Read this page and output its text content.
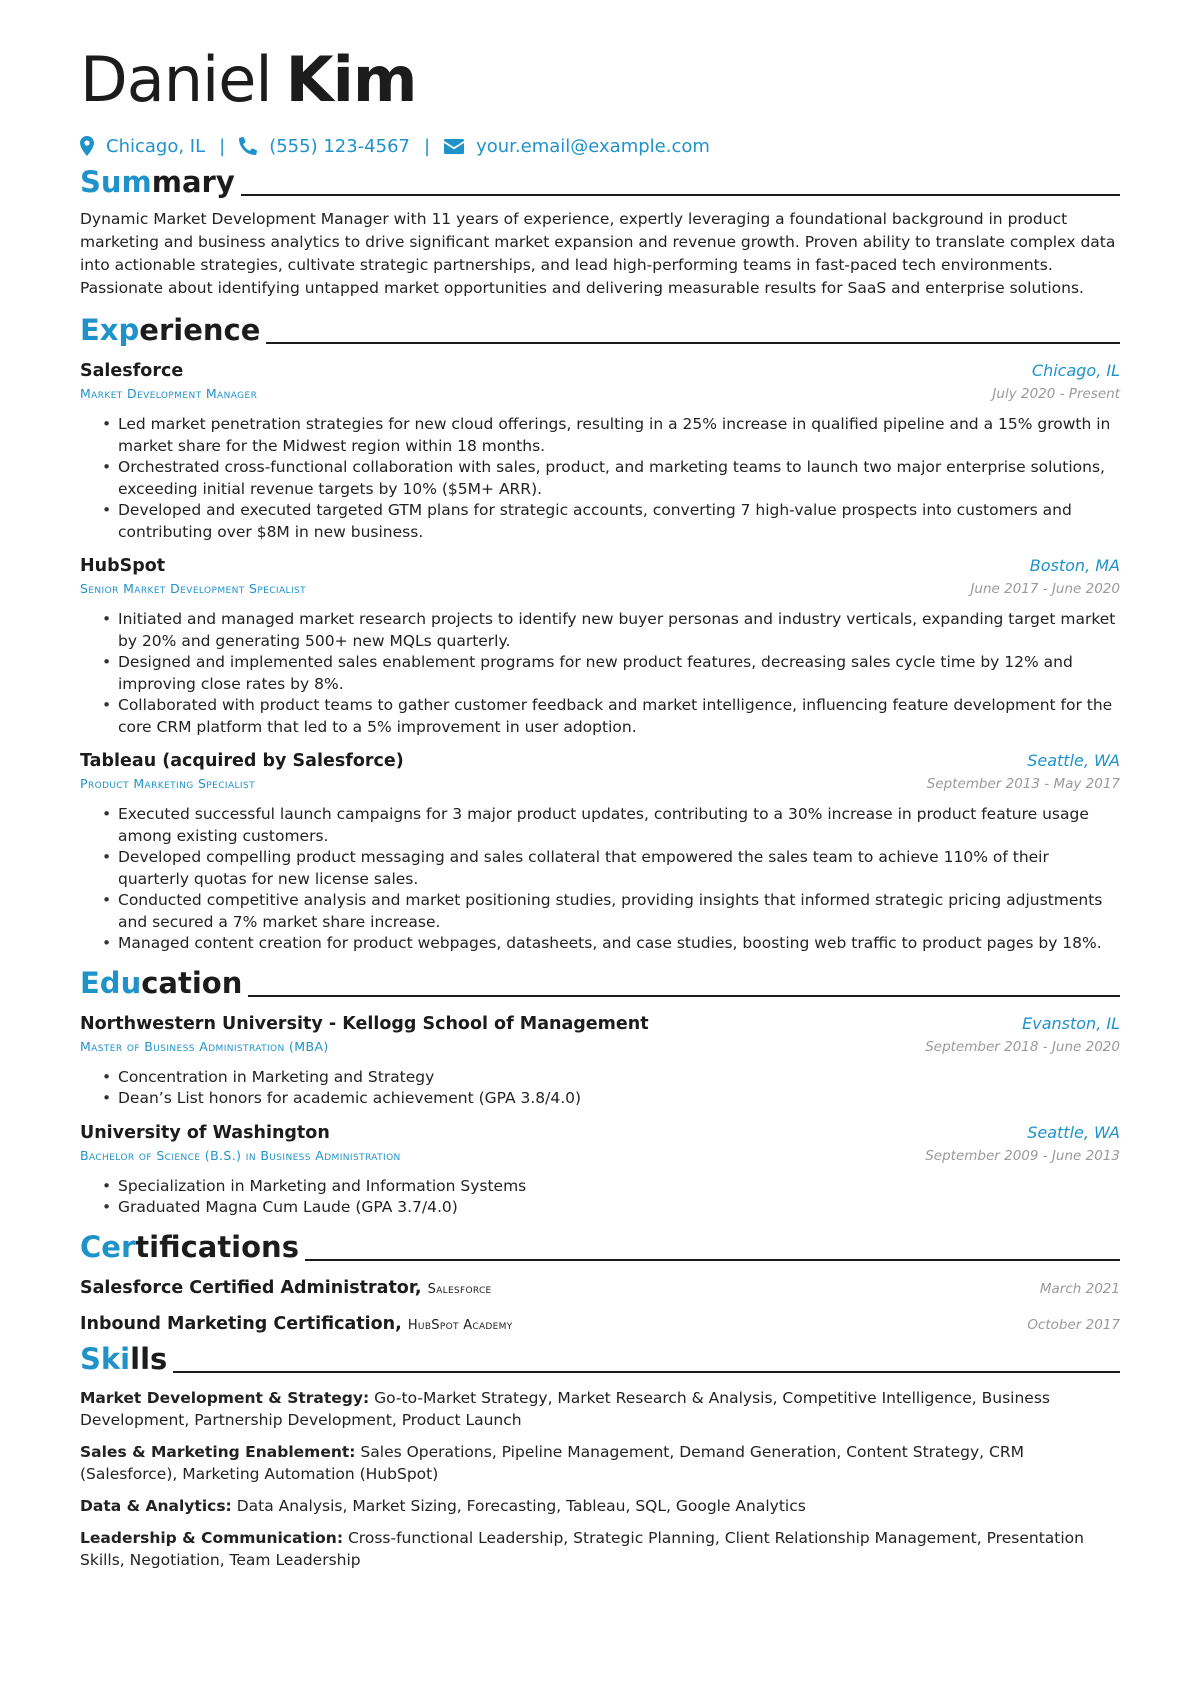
Daniel Kim
Chicago, IL | (555) 123-4567 |	your.email@example.com
Summary
Dynamic Market Development Manager with 11 years of experience, expertly leveraging a foundational background in product marketing and business analytics to drive significant market expansion and revenue growth. Proven ability to translate complex data into actionable strategies, cultivate strategic partnerships, and lead high-performing teams in fast-paced tech environments. Passionate about identifying untapped market opportunities and delivering measurable results for SaaS and enterprise solutions.
Experience
Salesforce	Chicago, IL
Market Development Manager	July 2020 - Present
• Led market penetration strategies for new cloud offerings, resulting in a 25% increase in qualified pipeline and a 15% growth in market share for the Midwest region within 18 months.
• Orchestrated cross-functional collaboration with sales, product, and marketing teams to launch two major enterprise solutions, exceeding initial revenue targets by 10% ($5M+ ARR).
• Developed and executed targeted GTM plans for strategic accounts, converting 7 high-value prospects into customers and contributing over $8M in new business.
HubSpot	Boston, MA
Senior Market Development Specialist	June 2017 - June 2020
• Initiated and managed market research projects to identify new buyer personas and industry verticals, expanding target market by 20% and generating 500+ new MQLs quarterly.
• Designed and implemented sales enablement programs for new product features, decreasing sales cycle time by 12% and improving close rates by 8%.
• Collaborated with product teams to gather customer feedback and market intelligence, influencing feature development for the core CRM platform that led to a 5% improvement in user adoption.
Tableau (acquired by Salesforce)	Seattle, WA
Product Marketing Specialist	September 2013 - May 2017
• Executed successful launch campaigns for 3 major product updates, contributing to a 30% increase in product feature usage among existing customers.
• Developed compelling product messaging and sales collateral that empowered the sales team to achieve 110% of their quarterly quotas for new license sales.
• Conducted competitive analysis and market positioning studies, providing insights that informed strategic pricing adjustments and secured a 7% market share increase.
• Managed content creation for product webpages, datasheets, and case studies, boosting web traffic to product pages by 18%.
Education
Northwestern University - Kellogg School of Management	Evanston, IL
Master of Business Administration (MBA)	September 2018 - June 2020
• Concentration in Marketing and Strategy
• Dean’s List honors for academic achievement (GPA 3.8/4.0)
University of Washington	Seattle, WA
Bachelor of Science (B.S.) in Business Administration	September 2009 - June 2013
• Specialization in Marketing and Information Systems
• Graduated Magna Cum Laude (GPA 3.7/4.0)
Certifications
Salesforce Certified Administrator, Salesforce	March 2021
Inbound Marketing Certification, HubSpot Academy	October 2017
Skills
Market Development & Strategy: Go-to-Market Strategy, Market Research & Analysis, Competitive Intelligence, Business Development, Partnership Development, Product Launch
Sales & Marketing Enablement: Sales Operations, Pipeline Management, Demand Generation, Content Strategy, CRM (Salesforce), Marketing Automation (HubSpot)
Data & Analytics: Data Analysis, Market Sizing, Forecasting, Tableau, SQL, Google Analytics
Leadership & Communication: Cross-functional Leadership, Strategic Planning, Client Relationship Management, Presentation Skills, Negotiation, Team Leadership
